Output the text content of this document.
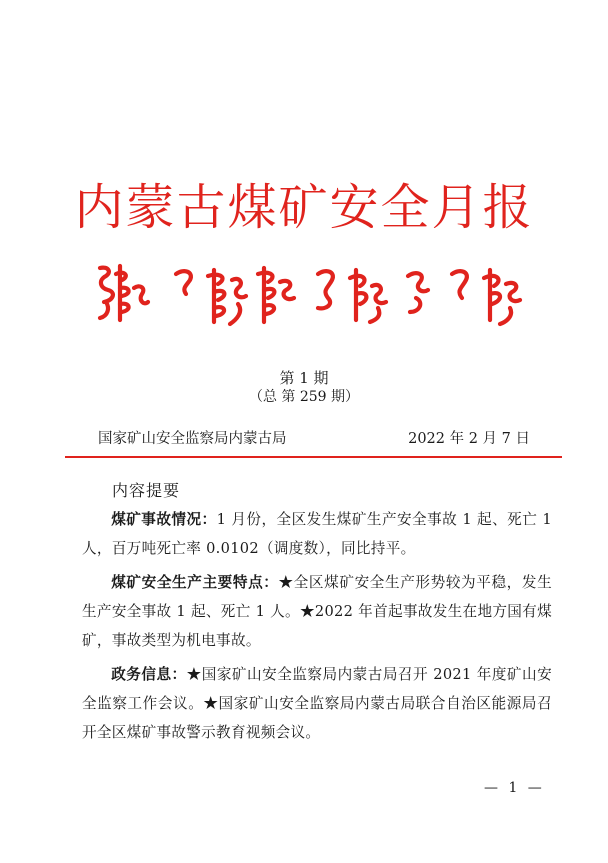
内蒙古煤矿安全月报
第 1 期
（总 第 259 期）
国家矿山安全监察局内蒙古局	2022 年 2 月 7 日
内容提要

煤矿事故情况：1 月份，全区发生煤矿生产安全事故 1 起、死亡 1 人，百万吨死亡率 0.0102（调度数），同比持平。

煤矿安全生产主要特点：★全区煤矿安全生产形势较为平稳，发生生产安全事故 1 起、死亡 1 人。★2022 年首起事故发生在地方国有煤矿，事故类型为机电事故。

政务信息：★国家矿山安全监察局内蒙古局召开 2021 年度矿山安全监察工作会议。★国家矿山安全监察局内蒙古局联合自治区能源局召开全区煤矿事故警示教育视频会议。

— 1 —
